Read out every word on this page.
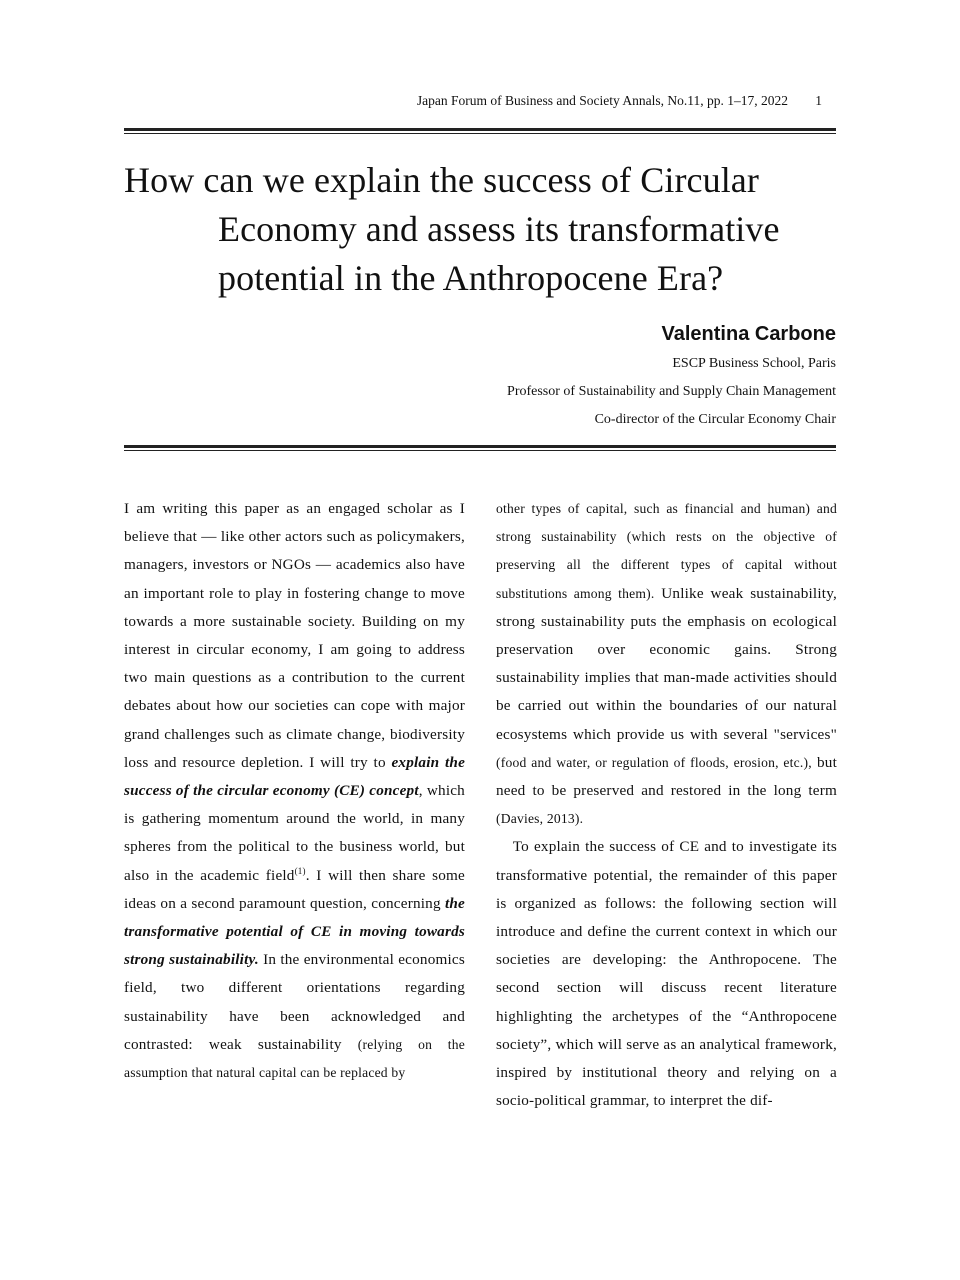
Japan Forum of Business and Society Annals, No.11, pp. 1–17, 2022 1
How can we explain the success of Circular
Economy and assess its transformative
potential in the Anthropocene Era?
Valentina Carbone
ESCP Business School, Paris
Professor of Sustainability and Supply Chain Management
Co-director of the Circular Economy Chair

I am writing this paper as an engaged scholar as I believe that — like other actors such as policymakers, managers, investors or NGOs — academics also have an important role to play in fostering change to move towards a more sustainable society. Building on my interest in circular economy, I am going to address two main questions as a contribution to the current debates about how our societies can cope with major grand challenges such as climate change, biodiversity loss and resource depletion. I will try to explain the success of the circular economy (CE) concept, which is gathering momentum around the world, in many spheres from the political to the business world, but also in the academic field$^{(1)}$. I will then share some ideas on a second paramount question, concerning the transformative potential of CE in moving towards strong sustainability. In the environmental economics field, two different orientations regarding sustainability have been acknowledged and contrasted: weak sustainability (relying on the assumption that natural capital can be replaced by

other types of capital, such as financial and human) and strong sustainability (which rests on the objective of preserving all the different types of capital without substitutions among them). Unlike weak sustainability, strong sustainability puts the emphasis on ecological preservation over economic gains. Strong sustainability implies that man-made activities should be carried out within the boundaries of our natural ecosystems which provide us with several "services" (food and water, or regulation of floods, erosion, etc.), but need to be preserved and restored in the long term (Davies, 2013).

To explain the success of CE and to investigate its transformative potential, the remainder of this paper is organized as follows: the following section will introduce and define the current context in which our societies are developing: the Anthropocene. The second section will discuss recent literature highlighting the archetypes of the “Anthropocene society”, which will serve as an analytical framework, inspired by institutional theory and relying on a socio-political grammar, to interpret the dif-
